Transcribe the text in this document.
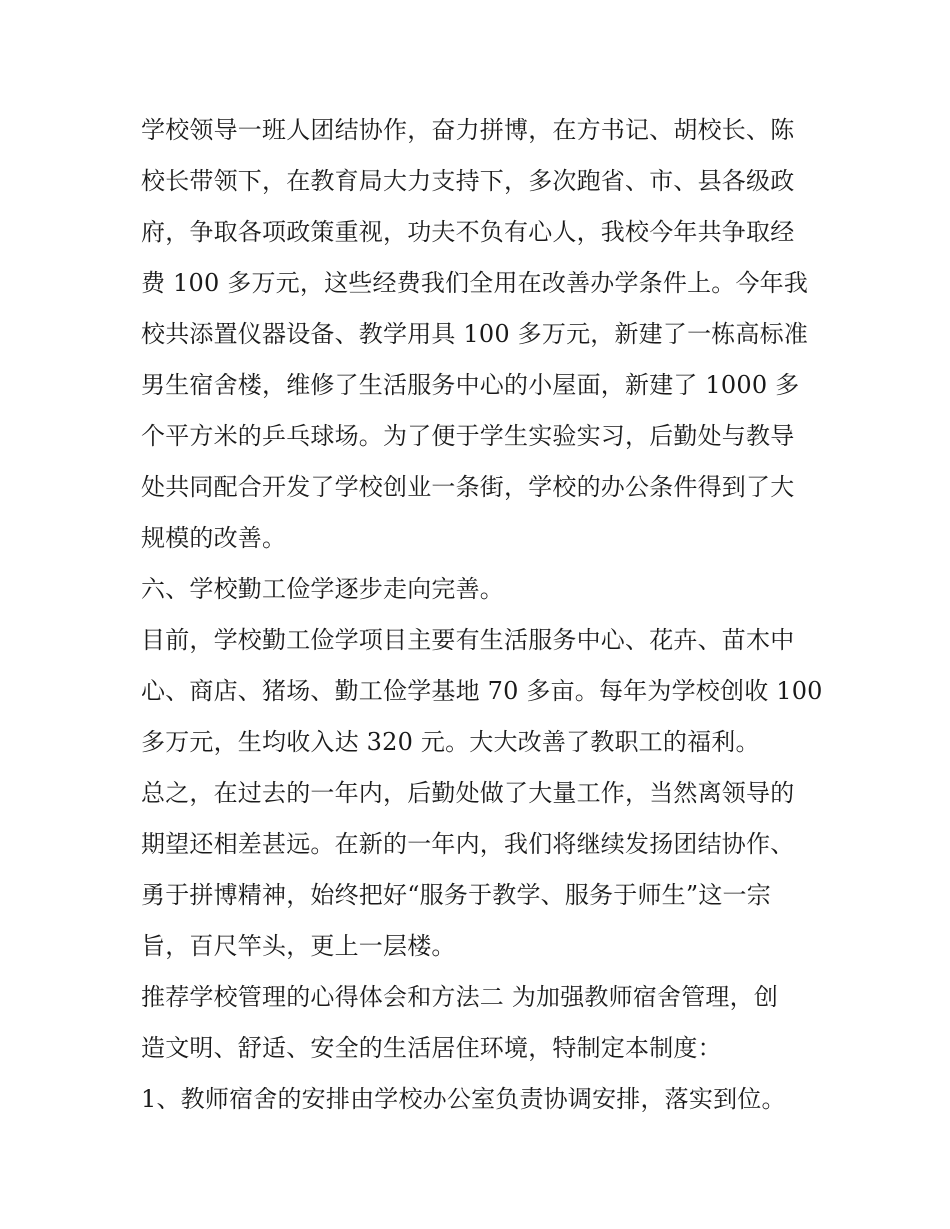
学校领导一班人团结协作，奋力拼博，在方书记、胡校长、陈
校长带领下，在教育局大力支持下，多次跑省、市、县各级政
府，争取各项政策重视，功夫不负有心人，我校今年共争取经
费 100 多万元，这些经费我们全用在改善办学条件上。今年我
校共添置仪器设备、教学用具 100 多万元，新建了一栋高标准
男生宿舍楼，维修了生活服务中心的小屋面，新建了 1000 多
个平方米的乒乓球场。为了便于学生实验实习，后勤处与教导
处共同配合开发了学校创业一条街，学校的办公条件得到了大
规模的改善。
六、学校勤工俭学逐步走向完善。
目前，学校勤工俭学项目主要有生活服务中心、花卉、苗木中
心、商店、猪场、勤工俭学基地 70 多亩。每年为学校创收 100
多万元，生均收入达 320 元。大大改善了教职工的福利。
总之，在过去的一年内，后勤处做了大量工作，当然离领导的
期望还相差甚远。在新的一年内，我们将继续发扬团结协作、
勇于拼博精神，始终把好“服务于教学、服务于师生”这一宗
旨，百尺竿头，更上一层楼。
推荐学校管理的心得体会和方法二 为加强教师宿舍管理，创
造文明、舒适、安全的生活居住环境，特制定本制度：
1、教师宿舍的安排由学校办公室负责协调安排，落实到位。
